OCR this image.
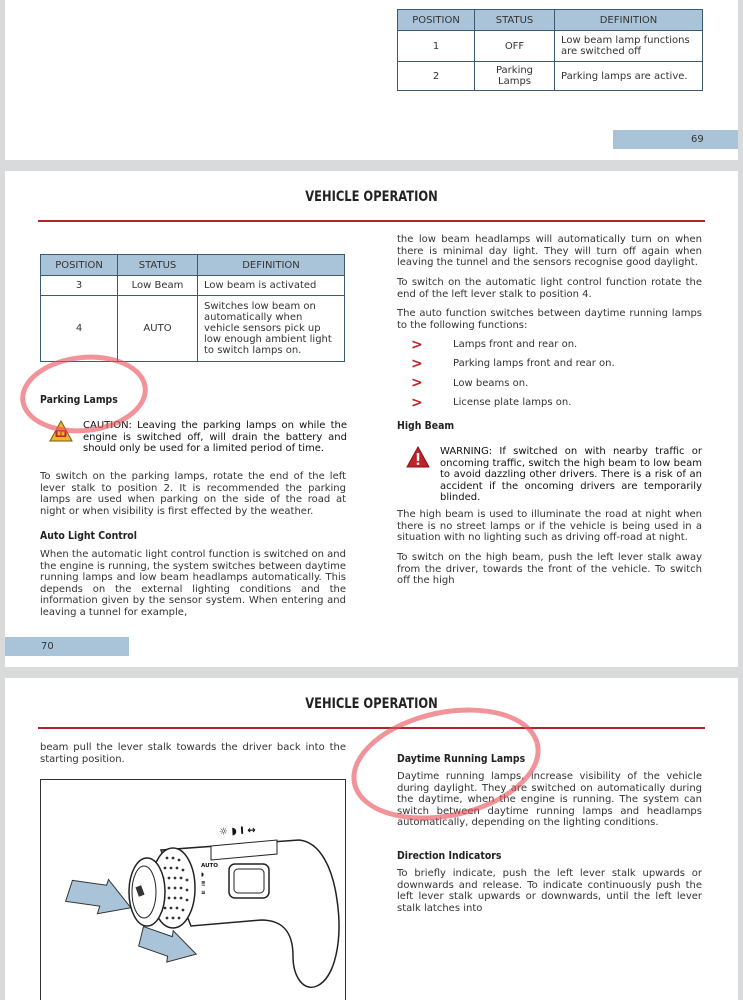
POSITION	STATUS	DEFINITION
1	OFF	Low beam lamp functions are switched off
2	Parking Lamps	Parking lamps are active.
69
VEHICLE OPERATION
POSITION	STATUS	DEFINITION
3	Low Beam	Low beam is activated
4	AUTO	Switches low beam on automatically when vehicle sensors pick up low enough ambient light to switch lamps on.
Parking Lamps
CAUTION: Leaving the parking lamps on while the engine is switched off, will drain the battery and should only be used for a limited period of time.
To switch on the parking lamps, rotate the end of the left lever stalk to position 2. It is recommended the parking lamps are used when parking on the side of the road at night or when visibility is first effected by the weather.
Auto Light Control
When the automatic light control function is switched on and the engine is running, the system switches between daytime running lamps and low beam headlamps automatically. This depends on the external lighting conditions and the information given by the sensor system. When entering and leaving a tunnel for example,
the low beam headlamps will automatically turn on when there is minimal day light. They will turn off again when leaving the tunnel and the sensors recognise good daylight.
To switch on the automatic light control function rotate the end of the left lever stalk to position 4.
The auto function switches between daytime running lamps to the following functions:
>	Lamps front and rear on.
>	Parking lamps front and rear on.
>	Low beams on.
>	License plate lamps on.
High Beam
WARNING: If switched on with nearby traffic or oncoming traffic, switch the high beam to low beam to avoid dazzling other drivers. There is a risk of an accident if the oncoming drivers are temporarily blinded.
The high beam is used to illuminate the road at night when there is no street lamps or if the vehicle is being used in a situation with no lighting such as driving off-road at night.
To switch on the high beam, push the left lever stalk away from the driver, towards the front of the vehicle. To switch off the high
70
VEHICLE OPERATION
beam pull the lever stalk towards the driver back into the starting position.
☼ ◗ I ↔
AUTO
◗
≣
≡
Daytime Running Lamps
Daytime running lamps, increase visibility of the vehicle during daylight. They are switched on automatically during the daytime, when the engine is running. The system can switch between daytime running lamps and headlamps automatically, depending on the lighting conditions.
Direction Indicators
To briefly indicate, push the left lever stalk upwards or downwards and release. To indicate continuously push the left lever stalk upwards or downwards, until the left lever stalk latches into
